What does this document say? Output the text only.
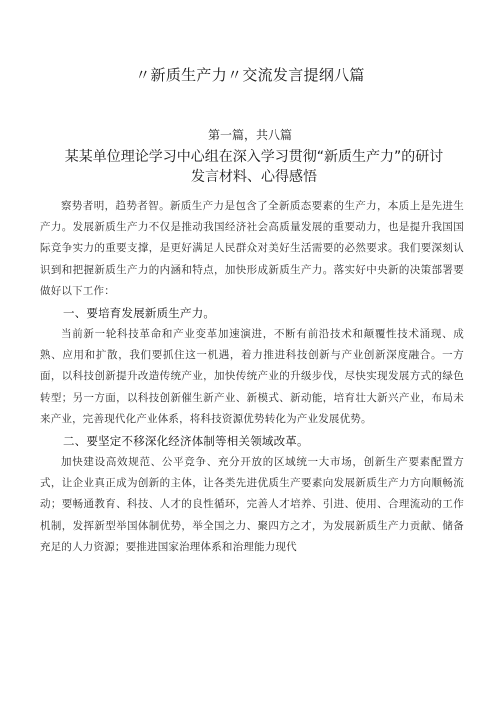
〃新质生产力〃交流发言提纲八篇
第一篇，共八篇
某某单位理论学习中心组在深入学习贯彻“新质生产力”的研讨发言材料、心得感悟

察势者明，趋势者智。新质生产力是包含了全新质态要素的生产力，本质上是先进生产力。发展新质生产力不仅是推动我国经济社会高质量发展的重要动力，也是提升我国国际竞争实力的重要支撑，是更好满足人民群众对美好生活需要的必然要求。我们要深刻认识到和把握新质生产力的内涵和特点，加快形成新质生产力。落实好中央新的决策部署要做好以下工作：

一、要培育发展新质生产力。

当前新一轮科技革命和产业变革加速演进，不断有前沿技术和颠覆性技术涌现、成熟、应用和扩散，我们要抓住这一机遇，着力推进科技创新与产业创新深度融合。一方面，以科技创新提升改造传统产业，加快传统产业的升级步伐，尽快实现发展方式的绿色转型；另一方面，以科技创新催生新产业、新模式、新动能，培育壮大新兴产业，布局未来产业，完善现代化产业体系，将科技资源优势转化为产业发展优势。

二、要坚定不移深化经济体制等相关领域改革。

加快建设高效规范、公平竞争、充分开放的区域统一大市场，创新生产要素配置方式，让企业真正成为创新的主体，让各类先进优质生产要素向发展新质生产力方向顺畅流动；要畅通教育、科技、人才的良性循环，完善人才培养、引进、使用、合理流动的工作机制，发挥新型举国体制优势，举全国之力、聚四方之才，为发展新质生产力贡献、储备充足的人力资源；要推进国家治理体系和治理能力现代
